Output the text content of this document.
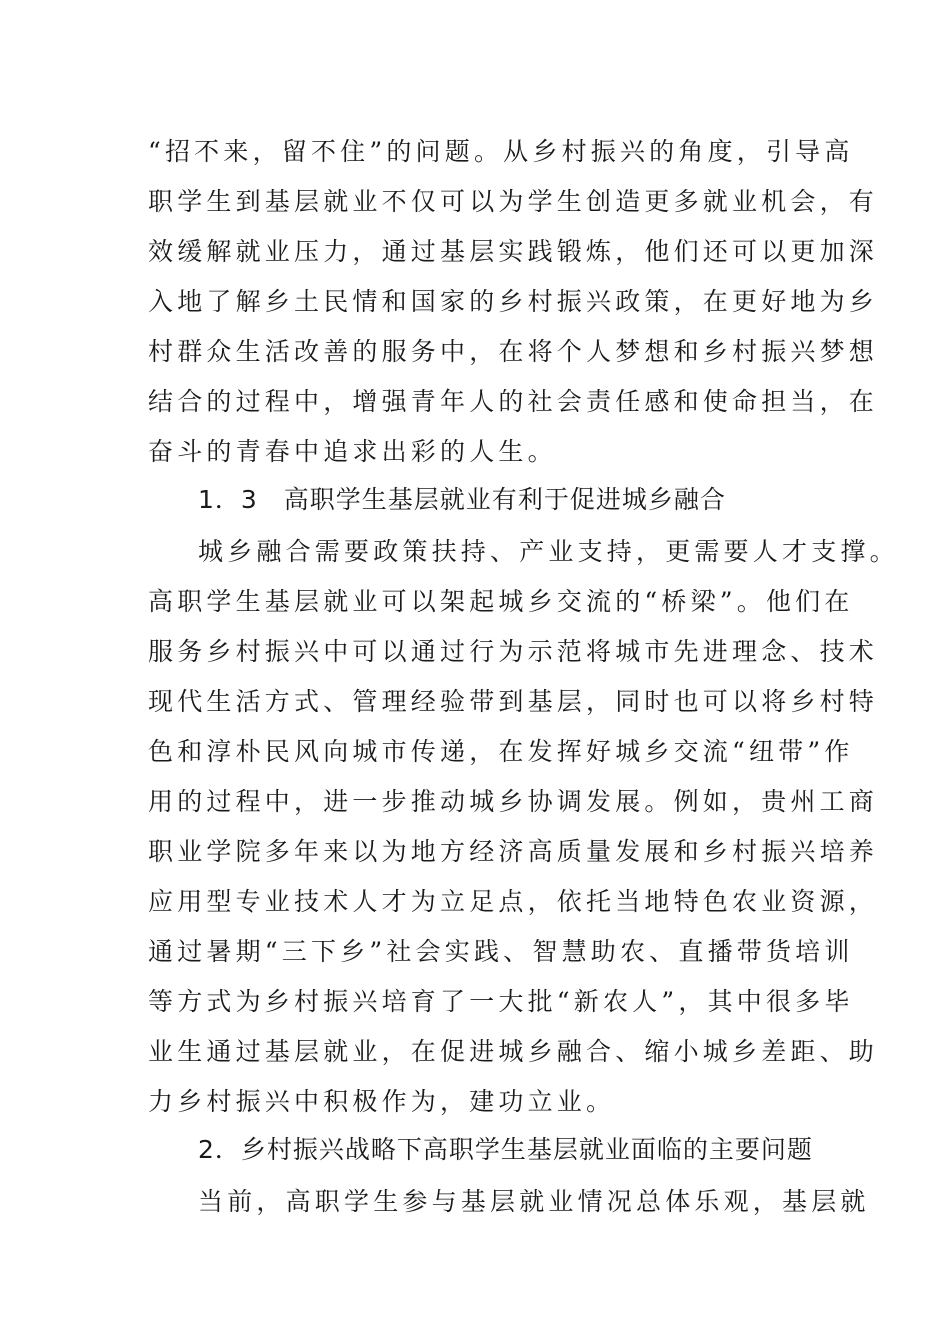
“招不来，留不住”的问题。从乡村振兴的角度，引导高
职学生到基层就业不仅可以为学生创造更多就业机会，有
效缓解就业压力，通过基层实践锻炼，他们还可以更加深
入地了解乡土民情和国家的乡村振兴政策，在更好地为乡
村群众生活改善的服务中，在将个人梦想和乡村振兴梦想
结合的过程中，增强青年人的社会责任感和使命担当，在
奋斗的青春中追求出彩的人生。
1．3　高职学生基层就业有利于促进城乡融合
城乡融合需要政策扶持、产业支持，更需要人才支撑。
高职学生基层就业可以架起城乡交流的“桥梁”。他们在
服务乡村振兴中可以通过行为示范将城市先进理念、技术
现代生活方式、管理经验带到基层，同时也可以将乡村特
色和淳朴民风向城市传递，在发挥好城乡交流“纽带”作
用的过程中，进一步推动城乡协调发展。例如，贵州工商
职业学院多年来以为地方经济高质量发展和乡村振兴培养
应用型专业技术人才为立足点，依托当地特色农业资源，
通过暑期“三下乡”社会实践、智慧助农、直播带货培训
等方式为乡村振兴培育了一大批“新农人”，其中很多毕
业生通过基层就业，在促进城乡融合、缩小城乡差距、助
力乡村振兴中积极作为，建功立业。
2．乡村振兴战略下高职学生基层就业面临的主要问题
当前，高职学生参与基层就业情况总体乐观，基层就
